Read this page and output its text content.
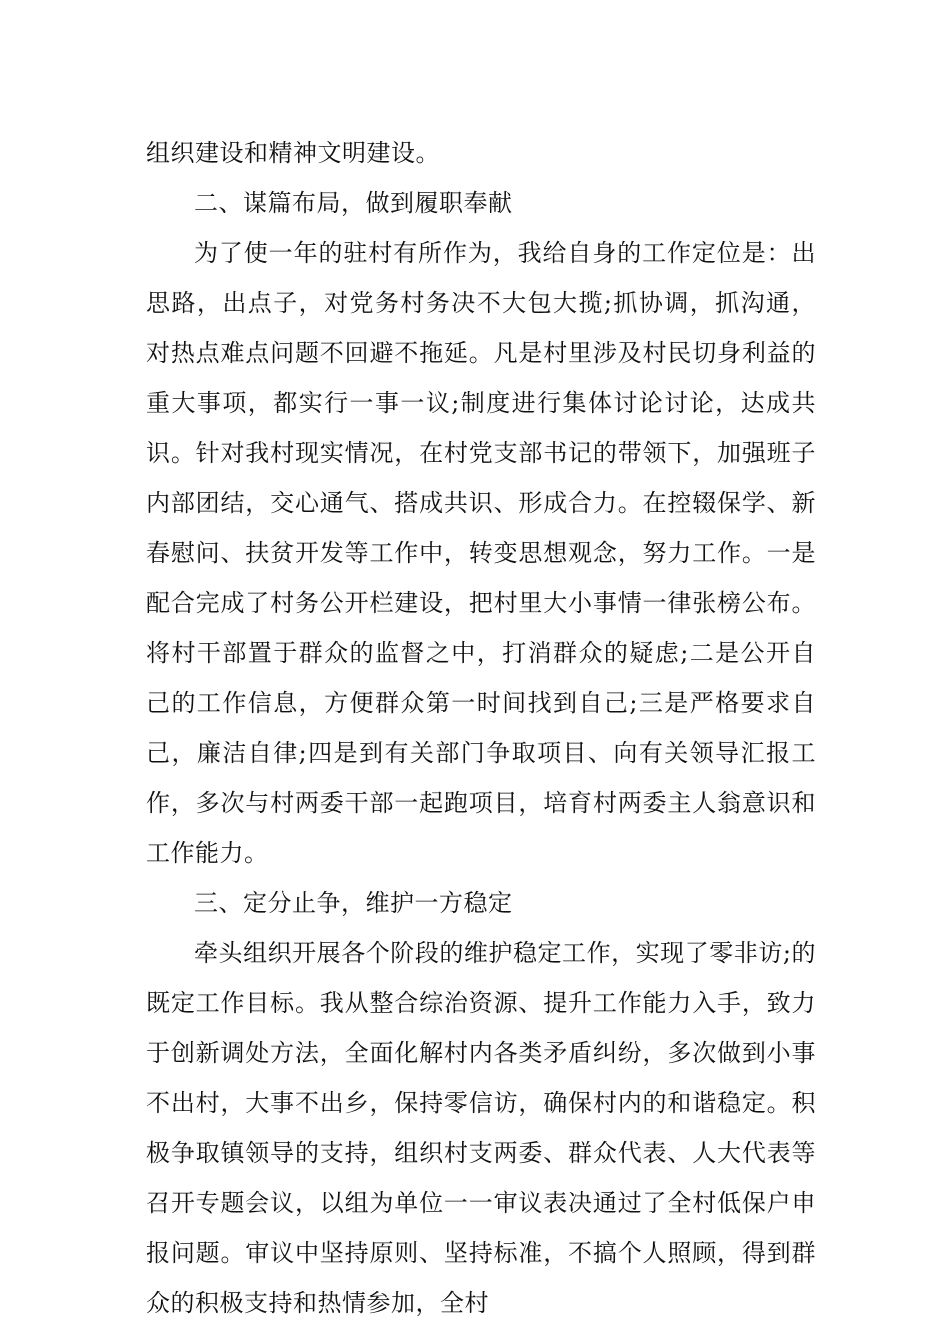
组织建设和精神文明建设。

二、谋篇布局，做到履职奉献

为了使一年的驻村有所作为，我给自身的工作定位是：出思路，出点子，对党务村务决不大包大揽;抓协调，抓沟通，对热点难点问题不回避不拖延。凡是村里涉及村民切身利益的重大事项，都实行一事一议;制度进行集体讨论讨论，达成共识。针对我村现实情况，在村党支部书记的带领下，加强班子内部团结，交心通气、搭成共识、形成合力。在控辍保学、新春慰问、扶贫开发等工作中，转变思想观念，努力工作。一是配合完成了村务公开栏建设，把村里大小事情一律张榜公布。将村干部置于群众的监督之中，打消群众的疑虑;二是公开自己的工作信息，方便群众第一时间找到自己;三是严格要求自己，廉洁自律;四是到有关部门争取项目、向有关领导汇报工作，多次与村两委干部一起跑项目，培育村两委主人翁意识和工作能力。

三、定分止争，维护一方稳定

牵头组织开展各个阶段的维护稳定工作，实现了零非访;的既定工作目标。我从整合综治资源、提升工作能力入手，致力于创新调处方法，全面化解村内各类矛盾纠纷，多次做到小事不出村，大事不出乡，保持零信访，确保村内的和谐稳定。积极争取镇领导的支持，组织村支两委、群众代表、人大代表等召开专题会议，以组为单位一一审议表决通过了全村低保户申报问题。审议中坚持原则、坚持标准，不搞个人照顾，得到群众的积极支持和热情参加，全村
